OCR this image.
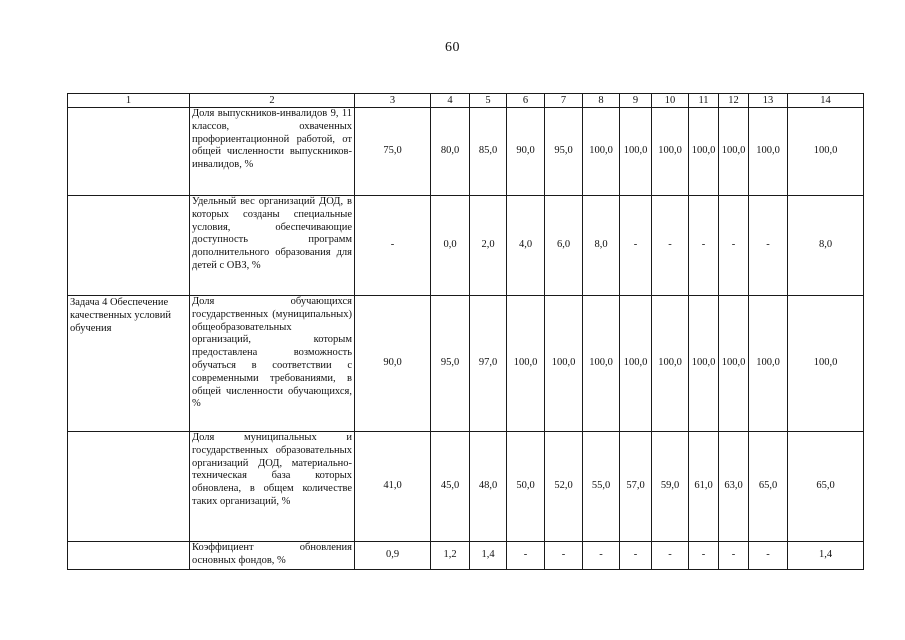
60
1	2	3	4	5	6	7	8	9	10	11	12	13	14
	Доля выпускников-инвалидов 9, 11 классов, охваченных профориентационной работой, от общей численности выпускников-инвалидов, %	75,0	80,0	85,0	90,0	95,0	100,0	100,0	100,0	100,0	100,0	100,0	100,0
	Удельный вес организаций ДОД, в которых созданы специальные условия, обеспечивающие доступность программ дополнительного образования для детей с ОВЗ, %	-	0,0	2,0	4,0	6,0	8,0	-	-	-	-	-	8,0
Задача 4 Обеспечение качественных условий обучения	Доля обучающихся государственных (муниципальных) общеобразовательных организаций, которым предоставлена возможность обучаться в соответствии с современными требованиями, в общей численности обучающихся, %	90,0	95,0	97,0	100,0	100,0	100,0	100,0	100,0	100,0	100,0	100,0	100,0
	Доля муниципальных и государственных образовательных организаций ДОД, материально-техническая база которых обновлена, в общем количестве таких организаций, %	41,0	45,0	48,0	50,0	52,0	55,0	57,0	59,0	61,0	63,0	65,0	65,0
	Коэффициент обновления основных фондов, %	0,9	1,2	1,4	-	-	-	-	-	-	-	-	1,4
